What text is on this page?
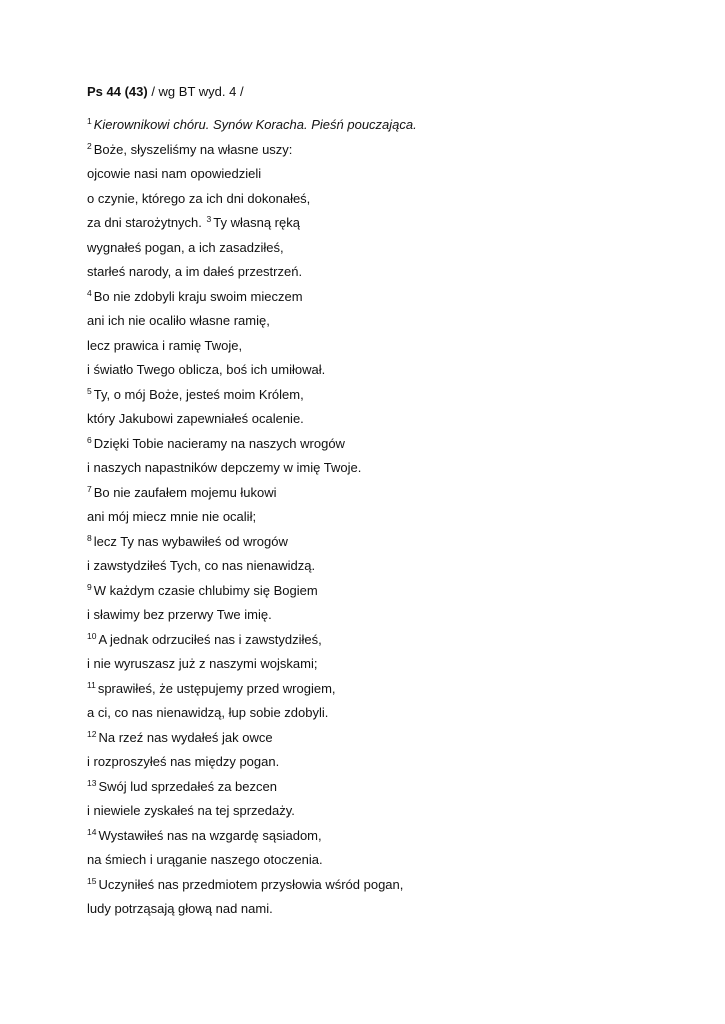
Ps 44 (43) / wg BT wyd. 4 /
$^1$ Kierownikowi chóru. Synów Koracha. Pieśń pouczająca.
$^2$ Boże, słyszeliśmy na własne uszy:
ojcowie nasi nam opowiedzieli
o czynie, którego za ich dni dokonałeś,
za dni starożytnych. $^3$ Ty własną ręką
wygnałeś pogan, a ich zasadziłeś,
starłeś narody, a im dałeś przestrzeń.
$^4$ Bo nie zdobyli kraju swoim mieczem
ani ich nie ocaliło własne ramię,
lecz prawica i ramię Twoje,
i światło Twego oblicza, boś ich umiłował.
$^5$ Ty, o mój Boże, jesteś moim Królem,
który Jakubowi zapewniałeś ocalenie.
$^6$ Dzięki Tobie nacieramy na naszych wrogów
i naszych napastników depczemy w imię Twoje.
$^7$ Bo nie zaufałem mojemu łukowi
ani mój miecz mnie nie ocalił;
$^8$ lecz Ty nas wybawiłeś od wrogów
i zawstydziłeś Tych, co nas nienawidzą.
$^9$ W każdym czasie chlubimy się Bogiem
i sławimy bez przerwy Twe imię.
$^{10}$ A jednak odrzuciłeś nas i zawstydziłeś,
i nie wyruszasz już z naszymi wojskami;
$^{11}$ sprawiłeś, że ustępujemy przed wrogiem,
a ci, co nas nienawidzą, łup sobie zdobyli.
$^{12}$ Na rzeź nas wydałeś jak owce
i rozproszyłeś nas między pogan.
$^{13}$ Swój lud sprzedałeś za bezcen
i niewiele zyskałeś na tej sprzedaży.
$^{14}$ Wystawiłeś nas na wzgardę sąsiadom,
na śmiech i urąganie naszego otoczenia.
$^{15}$ Uczyniłeś nas przedmiotem przysłowia wśród pogan,
ludy potrząsają głową nad nami.
